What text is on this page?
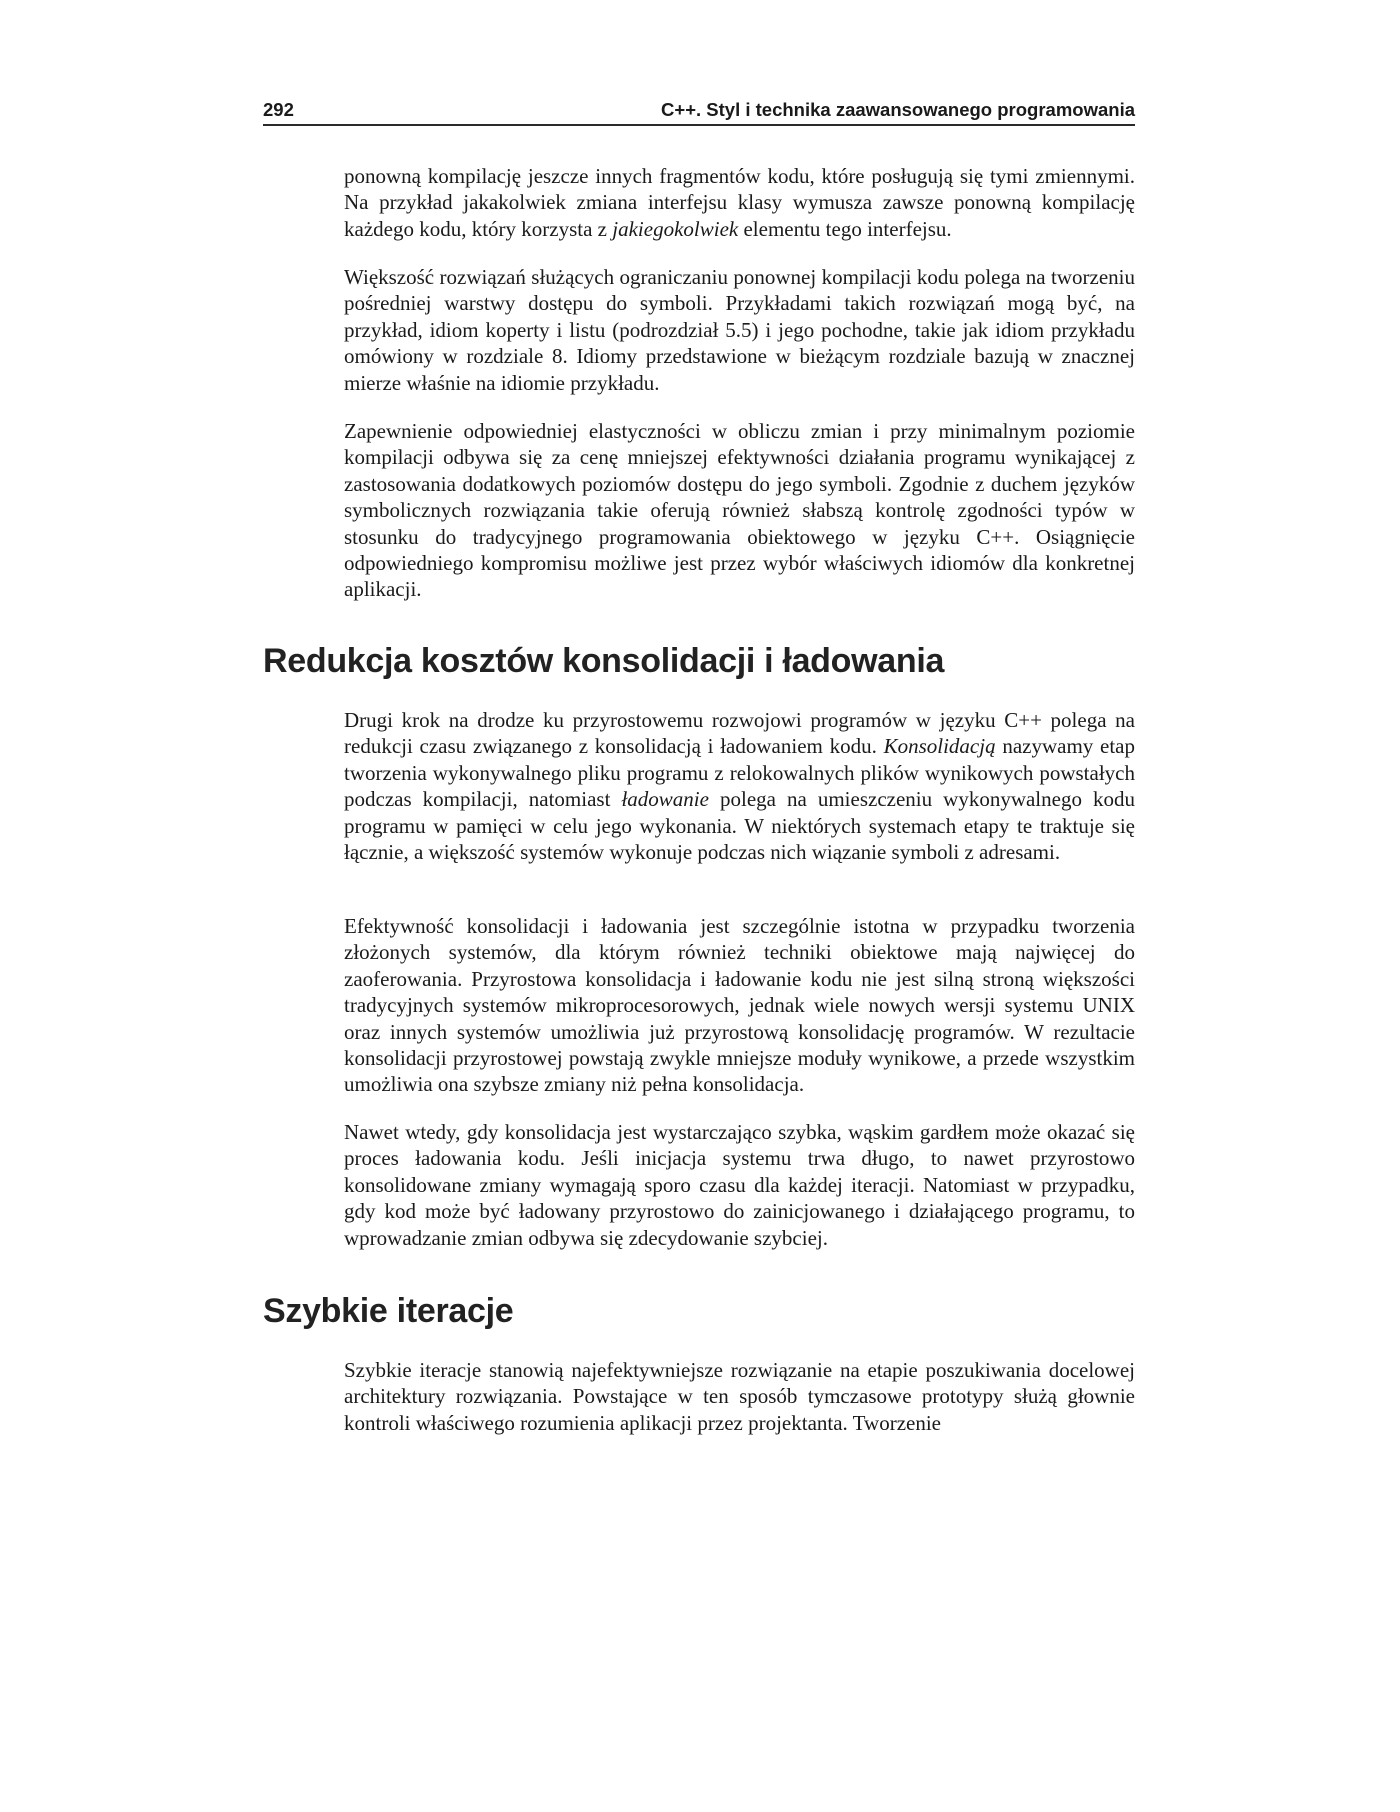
292	C++. Styl i technika zaawansowanego programowania

ponowną kompilację jeszcze innych fragmentów kodu, które posługują się tymi zmiennymi. Na przykład jakakolwiek zmiana interfejsu klasy wymusza zawsze ponowną kompilację każdego kodu, który korzysta z jakiegokolwiek elementu tego interfejsu.

Większość rozwiązań służących ograniczaniu ponownej kompilacji kodu polega na tworzeniu pośredniej warstwy dostępu do symboli. Przykładami takich rozwiązań mogą być, na przykład, idiom koperty i listu (podrozdział 5.5) i jego pochodne, takie jak idiom przykładu omówiony w rozdziale 8. Idiomy przedstawione w bieżącym rozdziale bazują w znacznej mierze właśnie na idiomie przykładu.

Zapewnienie odpowiedniej elastyczności w obliczu zmian i przy minimalnym poziomie kompilacji odbywa się za cenę mniejszej efektywności działania programu wynikającej z zastosowania dodatkowych poziomów dostępu do jego symboli. Zgodnie z duchem języków symbolicznych rozwiązania takie oferują również słabszą kontrolę zgodności typów w stosunku do tradycyjnego programowania obiektowego w języku C++. Osiągnięcie odpowiedniego kompromisu możliwe jest przez wybór właściwych idiomów dla konkretnej aplikacji.

Redukcja kosztów konsolidacji i ładowania

Drugi krok na drodze ku przyrostowemu rozwojowi programów w języku C++ polega na redukcji czasu związanego z konsolidacją i ładowaniem kodu. Konsolidacją nazywamy etap tworzenia wykonywalnego pliku programu z relokowalnych plików wynikowych powstałych podczas kompilacji, natomiast ładowanie polega na umieszczeniu wykonywalnego kodu programu w pamięci w celu jego wykonania. W niektórych systemach etapy te traktuje się łącznie, a większość systemów wykonuje podczas nich wiązanie symboli z adresami.

Efektywność konsolidacji i ładowania jest szczególnie istotna w przypadku tworzenia złożonych systemów, dla którym również techniki obiektowe mają najwięcej do zaoferowania. Przyrostowa konsolidacja i ładowanie kodu nie jest silną stroną większości tradycyjnych systemów mikroprocesorowych, jednak wiele nowych wersji systemu UNIX oraz innych systemów umożliwia już przyrostową konsolidację programów. W rezultacie konsolidacji przyrostowej powstają zwykle mniejsze moduły wynikowe, a przede wszystkim umożliwia ona szybsze zmiany niż pełna konsolidacja.

Nawet wtedy, gdy konsolidacja jest wystarczająco szybka, wąskim gardłem może okazać się proces ładowania kodu. Jeśli inicjacja systemu trwa długo, to nawet przyrostowo konsolidowane zmiany wymagają sporo czasu dla każdej iteracji. Natomiast w przypadku, gdy kod może być ładowany przyrostowo do zainicjowanego i działającego programu, to wprowadzanie zmian odbywa się zdecydowanie szybciej.

Szybkie iteracje

Szybkie iteracje stanowią najefektywniejsze rozwiązanie na etapie poszukiwania docelowej architektury rozwiązania. Powstające w ten sposób tymczasowe prototypy służą głownie kontroli właściwego rozumienia aplikacji przez projektanta. Tworzenie
